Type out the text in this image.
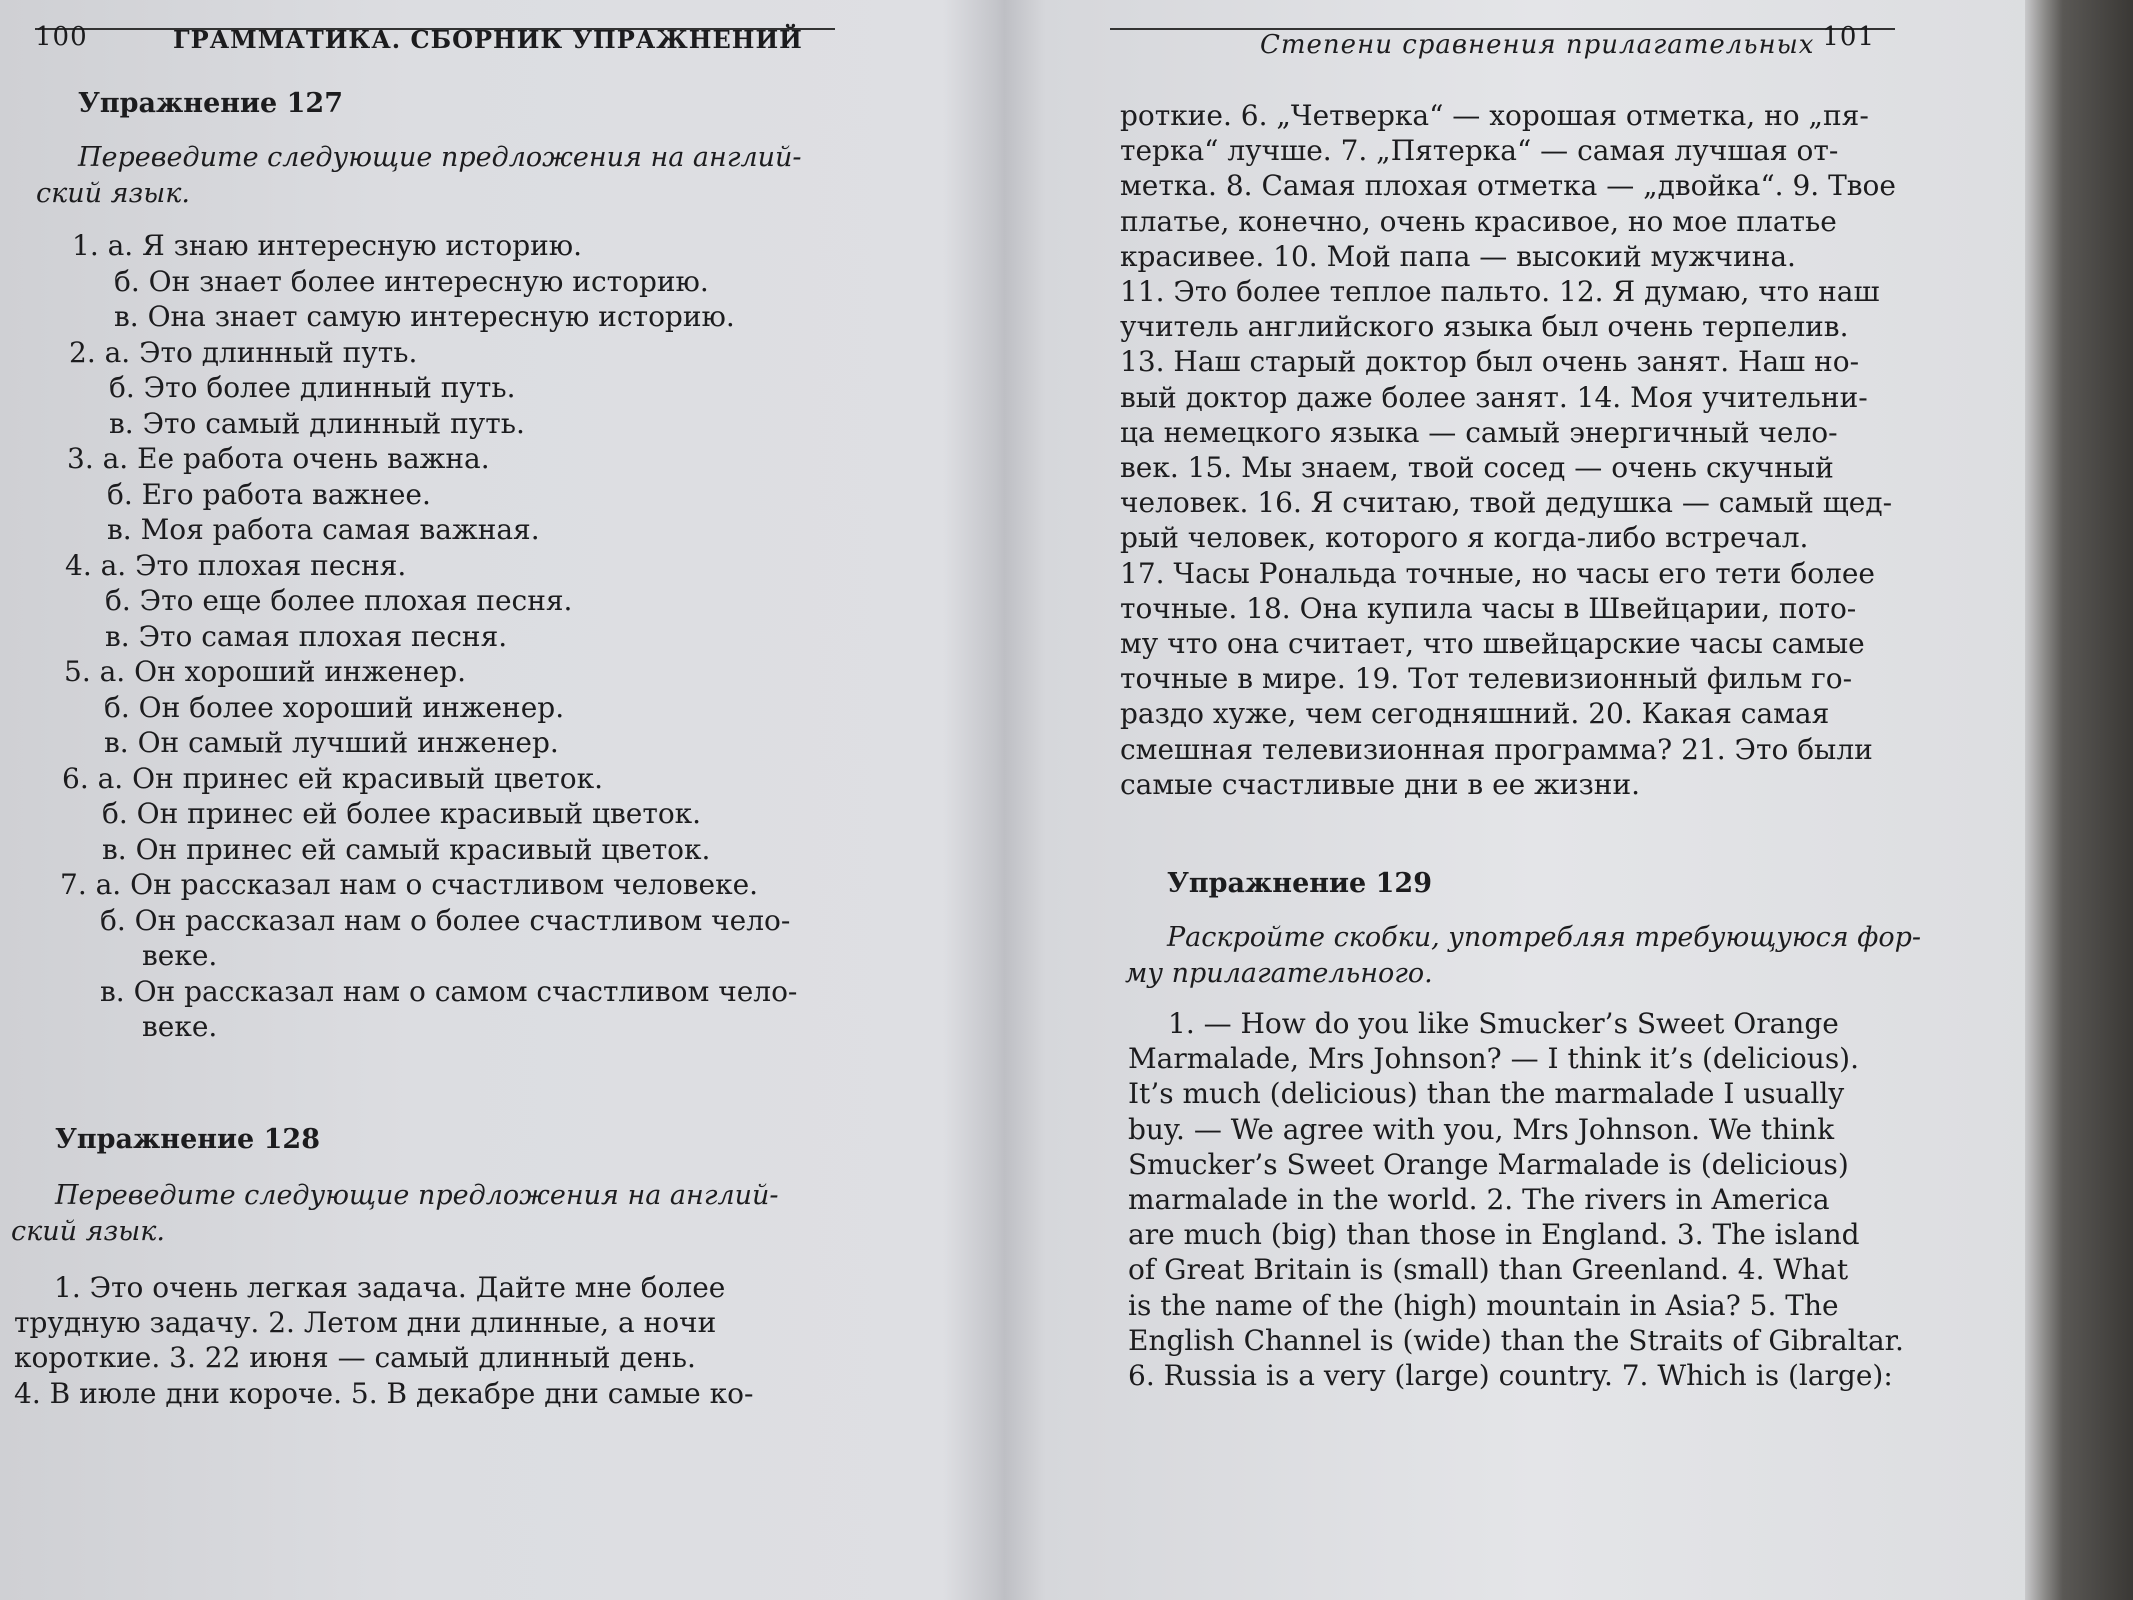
100	ГРАММАТИКА. СБОРНИК УПРАЖНЕНИЙ
Упражнение 127
Переведите следующие предложения на англий-
ский язык.
1. а. Я знаю интересную историю.
б. Он знает более интересную историю.
в. Она знает самую интересную историю.
2. а. Это длинный путь.
б. Это более длинный путь.
в. Это самый длинный путь.
3. а. Ее работа очень важна.
б. Его работа важнее.
в. Моя работа самая важная.
4. а. Это плохая песня.
б. Это еще более плохая песня.
в. Это самая плохая песня.
5. а. Он хороший инженер.
б. Он более хороший инженер.
в. Он самый лучший инженер.
6. а. Он принес ей красивый цветок.
б. Он принес ей более красивый цветок.
в. Он принес ей самый красивый цветок.
7. а. Он рассказал нам о счастливом человеке.
б. Он рассказал нам о более счастливом чело-
веке.
в. Он рассказал нам о самом счастливом чело-
веке.
Упражнение 128
Переведите следующие предложения на англий-
ский язык.
1. Это очень легкая задача. Дайте мне более
трудную задачу. 2. Летом дни длинные, а ночи
короткие. 3. 22 июня — самый длинный день.
4. В июле дни короче. 5. В декабре дни самые ко-
Степени сравнения прилагательных 101
роткие. 6. „Четверка“ — хорошая отметка, но „пя-
терка“ лучше. 7. „Пятерка“ — самая лучшая от-
метка. 8. Самая плохая отметка — „двойка“. 9. Твое
платье, конечно, очень красивое, но мое платье
красивее. 10. Мой папа — высокий мужчина.
11. Это более теплое пальто. 12. Я думаю, что наш
учитель английского языка был очень терпелив.
13. Наш старый доктор был очень занят. Наш но-
вый доктор даже более занят. 14. Моя учительни-
ца немецкого языка — самый энергичный чело-
век. 15. Мы знаем, твой сосед — очень скучный
человек. 16. Я считаю, твой дедушка — самый щед-
рый человек, которого я когда-либо встречал.
17. Часы Рональда точные, но часы его тети более
точные. 18. Она купила часы в Швейцарии, пото-
му что она считает, что швейцарские часы самые
точные в мире. 19. Тот телевизионный фильм го-
раздо хуже, чем сегодняшний. 20. Какая самая
смешная телевизионная программа? 21. Это были
самые счастливые дни в ее жизни.
Упражнение 129
Раскройте скобки, употребляя требующуюся фор-
му прилагательного.
1. — How do you like Smucker’s Sweet Orange
Marmalade, Mrs Johnson? — I think it’s (delicious).
It’s much (delicious) than the marmalade I usually
buy. — We agree with you, Mrs Johnson. We think
Smucker’s Sweet Orange Marmalade is (delicious)
marmalade in the world. 2. The rivers in America
are much (big) than those in England. 3. The island
of Great Britain is (small) than Greenland. 4. What
is the name of the (high) mountain in Asia? 5. The
English Channel is (wide) than the Straits of Gibraltar.
6. Russia is a very (large) country. 7. Which is (large):
